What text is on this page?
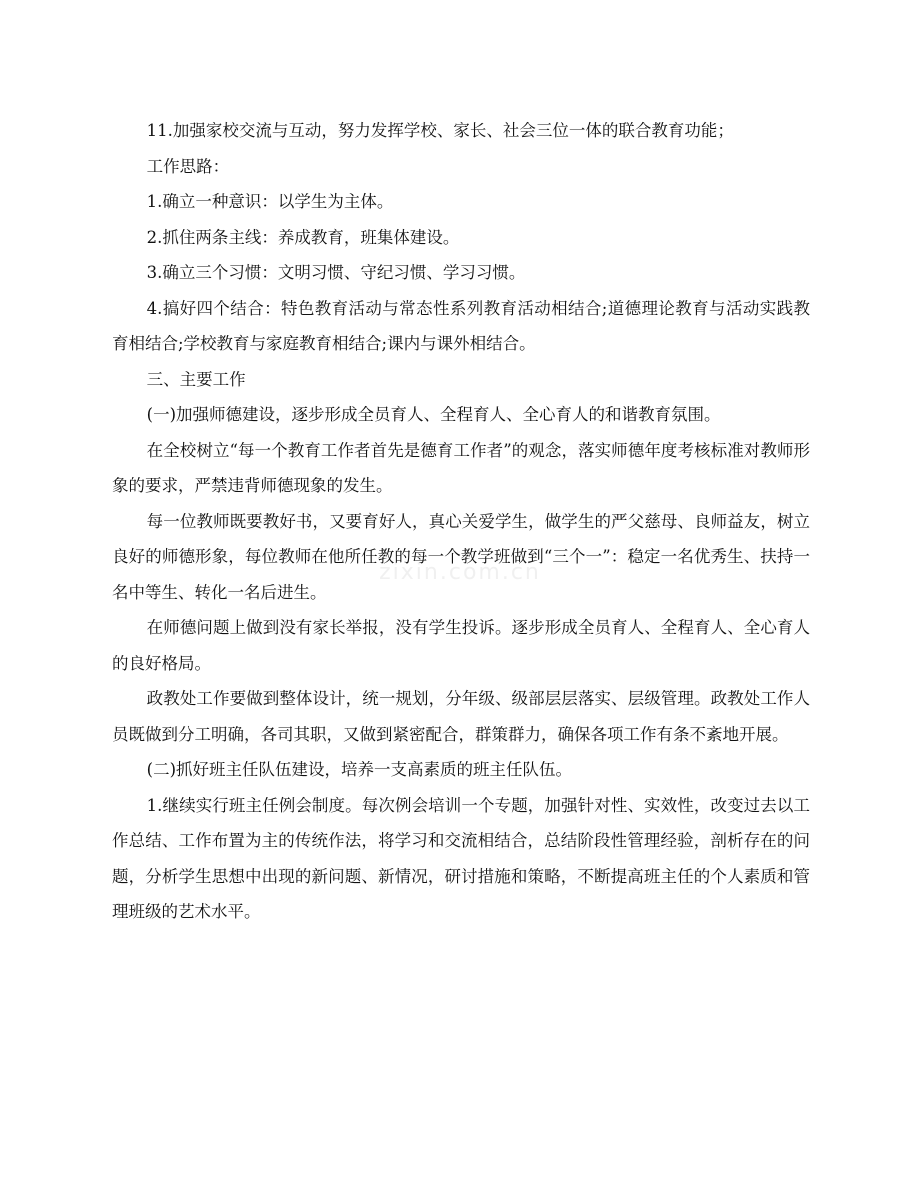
zixin.com.cn

11.加强家校交流与互动，努力发挥学校、家长、社会三位一体的联合教育功能；

工作思路：

1.确立一种意识：以学生为主体。

2.抓住两条主线：养成教育，班集体建设。

3.确立三个习惯：文明习惯、守纪习惯、学习习惯。

4.搞好四个结合：特色教育活动与常态性系列教育活动相结合;道德理论教育与活动实践教育相结合;学校教育与家庭教育相结合;课内与课外相结合。

三、主要工作

(一)加强师德建设，逐步形成全员育人、全程育人、全心育人的和谐教育氛围。

在全校树立“每一个教育工作者首先是德育工作者”的观念，落实师德年度考核标准对教师形象的要求，严禁违背师德现象的发生。

每一位教师既要教好书，又要育好人，真心关爱学生，做学生的严父慈母、良师益友，树立良好的师德形象，每位教师在他所任教的每一个教学班做到“三个一”：稳定一名优秀生、扶持一名中等生、转化一名后进生。

在师德问题上做到没有家长举报，没有学生投诉。逐步形成全员育人、全程育人、全心育人的良好格局。

政教处工作要做到整体设计，统一规划，分年级、级部层层落实、层级管理。政教处工作人员既做到分工明确，各司其职，又做到紧密配合，群策群力，确保各项工作有条不紊地开展。

(二)抓好班主任队伍建设，培养一支高素质的班主任队伍。

1.继续实行班主任例会制度。每次例会培训一个专题，加强针对性、实效性，改变过去以工作总结、工作布置为主的传统作法，将学习和交流相结合，总结阶段性管理经验，剖析存在的问题，分析学生思想中出现的新问题、新情况，研讨措施和策略，不断提高班主任的个人素质和管理班级的艺术水平。
